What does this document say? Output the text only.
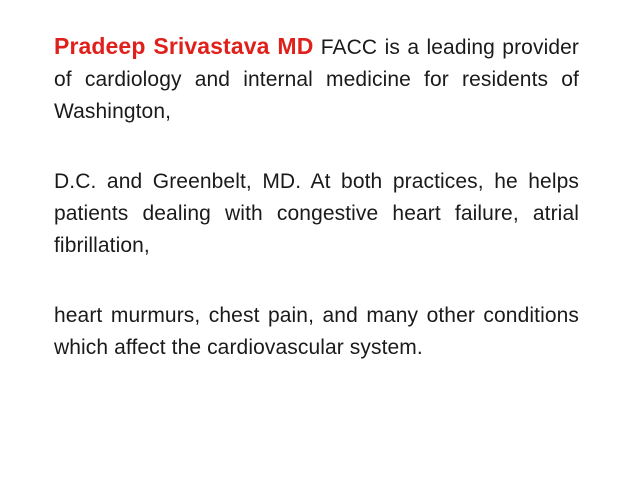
Pradeep Srivastava MD FACC is a leading provider of cardiology and internal medicine for residents of Washington,

D.C. and Greenbelt, MD. At both practices, he helps patients dealing with congestive heart failure, atrial fibrillation,

heart murmurs, chest pain, and many other conditions which affect the cardiovascular system.
